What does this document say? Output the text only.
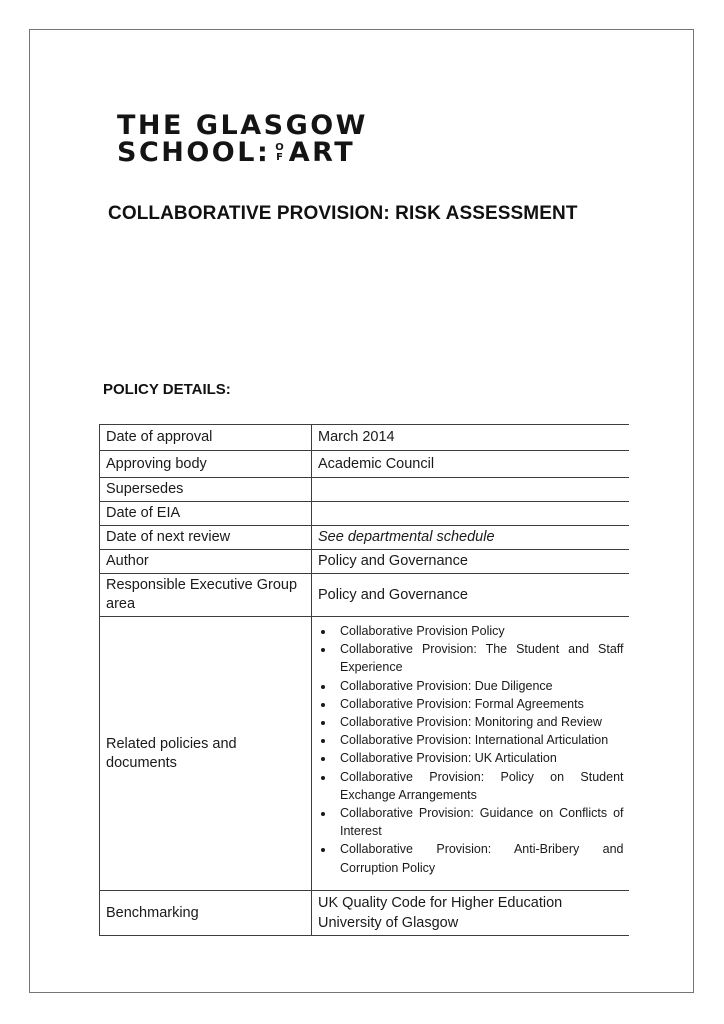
THE GLASGOW
SCHOOL: O
F ART
COLLABORATIVE PROVISION: RISK ASSESSMENT
POLICY DETAILS:
Date of approval	March 2014
Approving body	Academic Council
Supersedes	
Date of EIA	
Date of next review	See departmental schedule
Author	Policy and Governance
Responsible Executive Group area	Policy and Governance
Related policies and documents	
• Collaborative Provision Policy
• Collaborative Provision: The Student and Staff Experience
• Collaborative Provision: Due Diligence
• Collaborative Provision: Formal Agreements
• Collaborative Provision: Monitoring and Review
• Collaborative Provision: International Articulation
• Collaborative Provision: UK Articulation
• Collaborative Provision: Policy on Student Exchange Arrangements
• Collaborative Provision: Guidance on Conflicts of Interest
• Collaborative Provision: Anti-Bribery and Corruption Policy

Benchmarking	UK Quality Code for Higher Education
University of Glasgow
